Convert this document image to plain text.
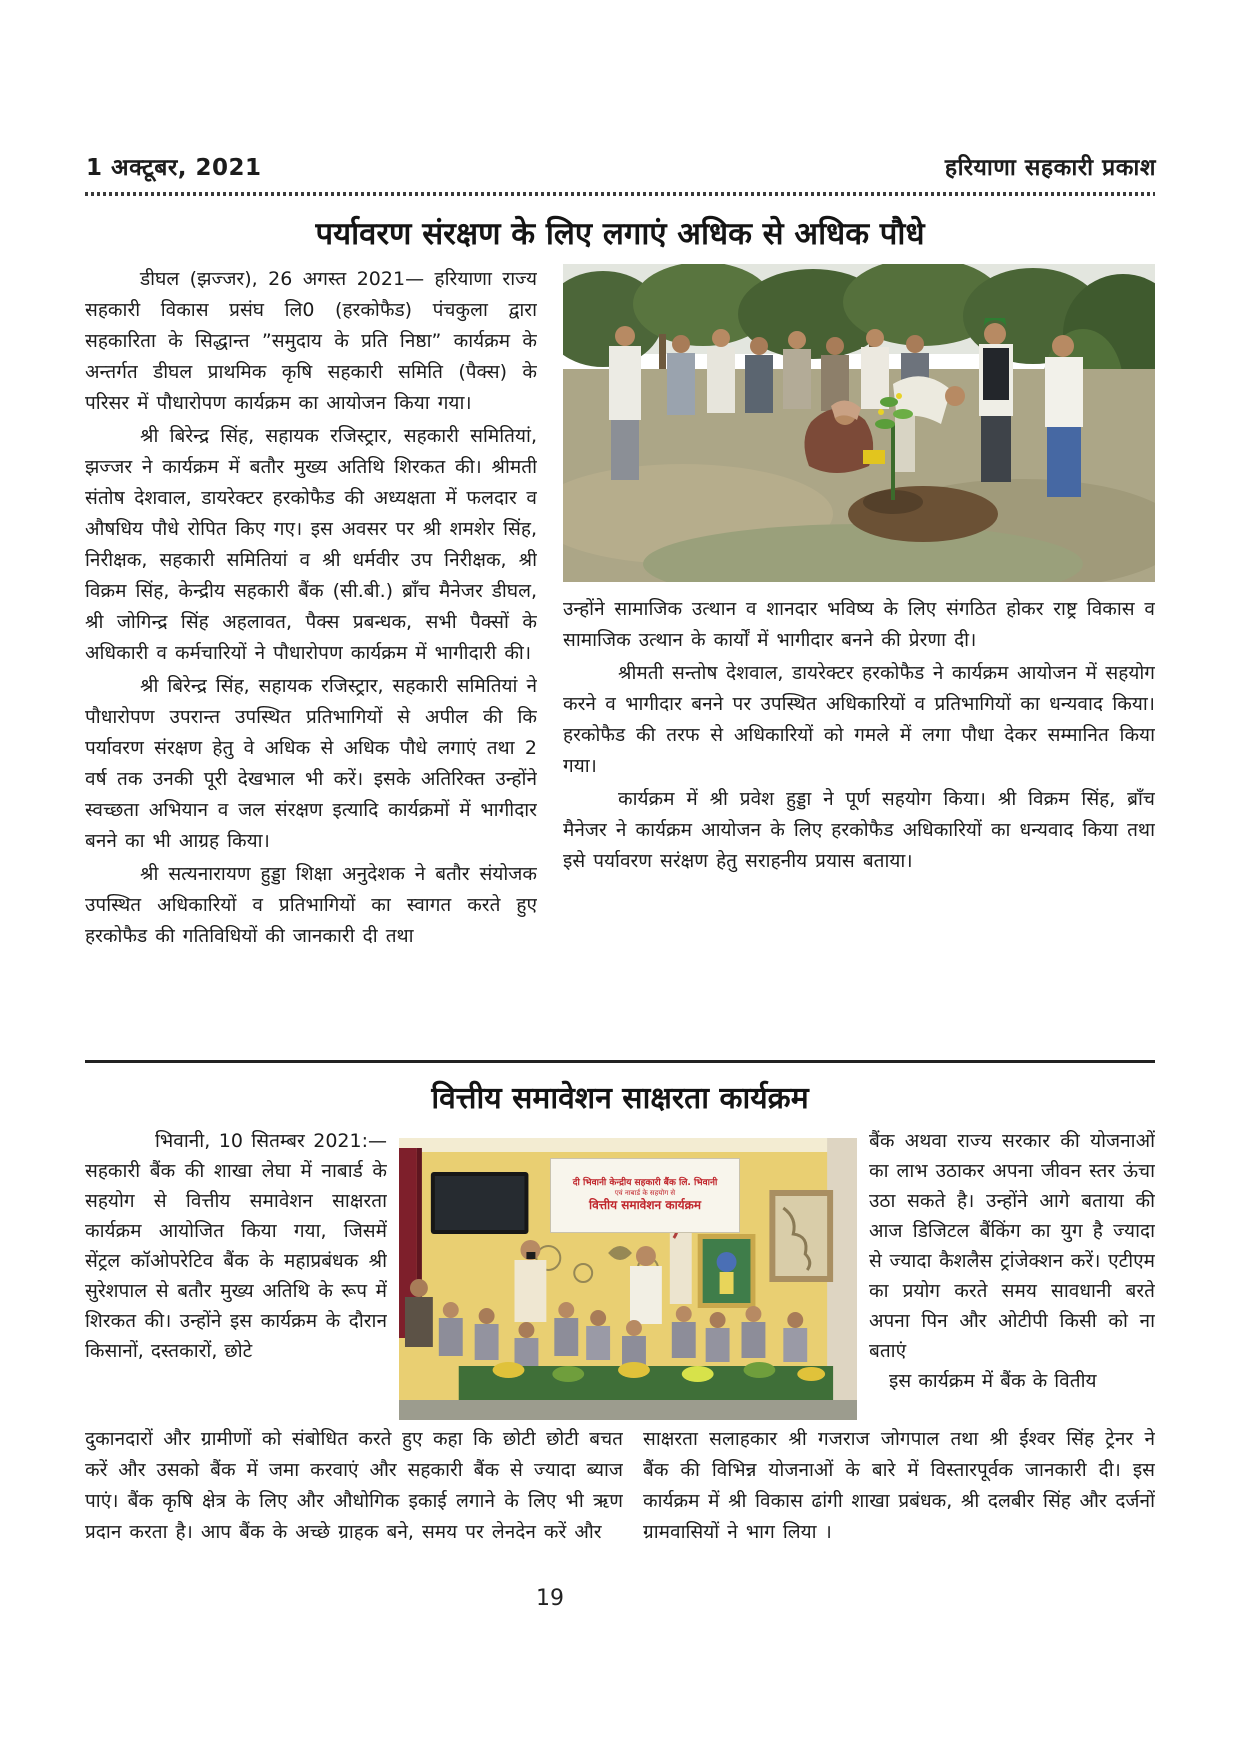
1 अक्टूबर, 2021	हरियाणा सहकारी प्रकाश
पर्यावरण संरक्षण के लिए लगाएं अधिक से अधिक पौधे

डीघल (झज्जर), 26 अगस्त 2021— हरियाणा राज्य सहकारी विकास प्रसंघ लि0 (हरकोफैड) पंचकुला द्वारा सहकारिता के सिद्धान्त ”समुदाय के प्रति निष्ठा” कार्यक्रम के अन्तर्गत डीघल प्राथमिक कृषि सहकारी समिति (पैक्स) के परिसर में पौधारोपण कार्यक्रम का आयोजन किया गया।

श्री बिरेन्द्र सिंह, सहायक रजिस्ट्रार, सहकारी समितियां, झज्जर ने कार्यक्रम में बतौर मुख्य अतिथि शिरकत की। श्रीमती संतोष देशवाल, डायरेक्टर हरकोफैड की अध्यक्षता में फलदार व औषधिय पौधे रोपित किए गए। इस अवसर पर श्री शमशेर सिंह, निरीक्षक, सहकारी समितियां व श्री धर्मवीर उप निरीक्षक, श्री विक्रम सिंह, केन्द्रीय सहकारी बैंक (सी.बी.) ब्राँच मैनेजर डीघल, श्री जोगिन्द्र सिंह अहलावत, पैक्स प्रबन्धक, सभी पैक्सों के अधिकारी व कर्मचारियों ने पौधारोपण कार्यक्रम में भागीदारी की।

श्री बिरेन्द्र सिंह, सहायक रजिस्ट्रार, सहकारी समितियां ने पौधारोपण उपरान्त उपस्थित प्रतिभागियों से अपील की कि पर्यावरण संरक्षण हेतु वे अधिक से अधिक पौधे लगाएं तथा 2 वर्ष तक उनकी पूरी देखभाल भी करें। इसके अतिरिक्त उन्होंने स्वच्छता अभियान व जल संरक्षण इत्यादि कार्यक्रमों में भागीदार बनने का भी आग्रह किया।

श्री सत्यनारायण हुड्डा शिक्षा अनुदेशक ने बतौर संयोजक उपस्थित अधिकारियों व प्रतिभागियों का स्वागत करते हुए हरकोफैड की गतिविधियों की जानकारी दी तथा

उन्होंने सामाजिक उत्थान व शानदार भविष्य के लिए संगठित होकर राष्ट्र विकास व सामाजिक उत्थान के कार्यों में भागीदार बनने की प्रेरणा दी।

श्रीमती सन्तोष देशवाल, डायरेक्टर हरकोफैड ने कार्यक्रम आयोजन में सहयोग करने व भागीदार बनने पर उपस्थित अधिकारियों व प्रतिभागियों का धन्यवाद किया। हरकोफैड की तरफ से अधिकारियों को गमले में लगा पौधा देकर सम्मानित किया गया।

कार्यक्रम में श्री प्रवेश हुड्डा ने पूर्ण सहयोग किया। श्री विक्रम सिंह, ब्राँच मैनेजर ने कार्यक्रम आयोजन के लिए हरकोफैड अधिकारियों का धन्यवाद किया तथा इसे पर्यावरण सरंक्षण हेतु सराहनीय प्रयास बताया।

वित्तीय समावेशन साक्षरता कार्यक्रम

भिवानी, 10 सितम्बर 2021:— सहकारी बैंक की शाखा लेघा में नाबार्ड के सहयोग से वित्तीय समावेशन साक्षरता कार्यक्रम आयोजित किया गया, जिसमें सेंट्रल कॉओपरेटिव बैंक के महाप्रबंधक श्री सुरेशपाल से बतौर मुख्य अतिथि के रूप में शिरकत की। उन्होंने इस कार्यक्रम के दौरान किसानों, दस्तकारों, छोटे

दी भिवानी केन्द्रीय सहकारी बैंक लि. भिवानी
एवं नाबार्ड के सहयोग से
वित्तीय समावेशन कार्यक्रम

बैंक अथवा राज्य सरकार की योजनाओं का लाभ उठाकर अपना जीवन स्तर ऊंचा उठा सकते है। उन्होंने आगे बताया की आज डिजिटल बैंकिंग का युग है ज्यादा से ज्यादा कैशलैस ट्रांजेक्शन करें। एटीएम का प्रयोग करते समय सावधानी बरते अपना पिन और ओटीपी किसी को ना बताएं

इस कार्यक्रम में बैंक के वितीय

दुकानदारों और ग्रामीणों को संबोधित करते हुए कहा कि छोटी छोटी बचत करें और उसको बैंक में जमा करवाएं और सहकारी बैंक से ज्यादा ब्याज पाएं। बैंक कृषि क्षेत्र के लिए और औधोगिक इकाई लगाने के लिए भी ऋण प्रदान करता है। आप बैंक के अच्छे ग्राहक बने, समय पर लेनदेन करें और

साक्षरता सलाहकार श्री गजराज जोगपाल तथा श्री ईश्वर सिंह ट्रेनर ने बैंक की विभिन्न योजनाओं के बारे में विस्तारपूर्वक जानकारी दी। इस कार्यक्रम में श्री विकास ढांगी शाखा प्रबंधक, श्री दलबीर सिंह और दर्जनों ग्रामवासियों ने भाग लिया ।

19
